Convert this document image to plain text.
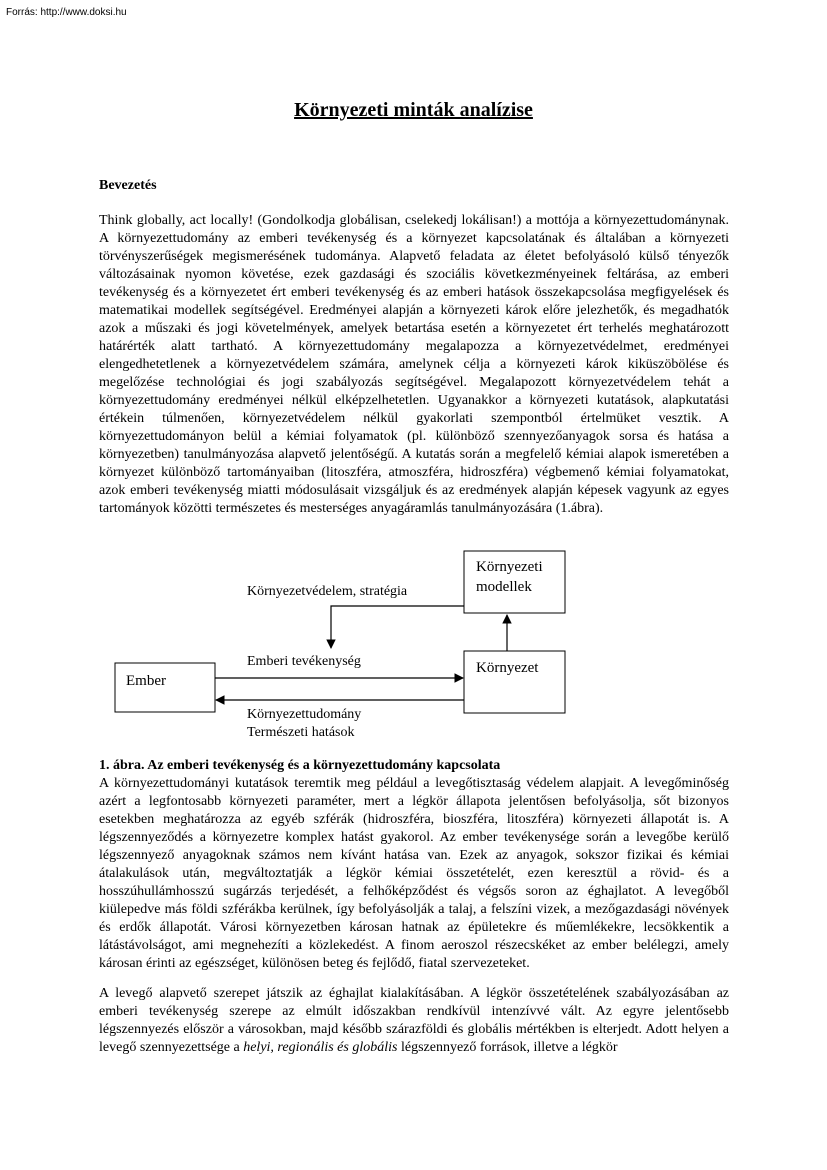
Forrás: http://www.doksi.hu
Környezeti minták analízise
Bevezetés

Think globally, act locally! (Gondolkodja globálisan, cselekedj lokálisan!) a mottója a környezettudománynak. A környezettudomány az emberi tevékenység és a környezet kapcsolatának és általában a környezeti törvényszerűségek megismerésének tudománya. Alapvető feladata az életet befolyásoló külső tényezők változásainak nyomon követése, ezek gazdasági és szociális következményeinek feltárása, az emberi tevékenység és a környezetet ért emberi tevékenység és az emberi hatások összekapcsolása megfigyelések és matematikai modellek segítségével. Eredményei alapján a környezeti károk előre jelezhetők, és megadhatók azok a műszaki és jogi követelmények, amelyek betartása esetén a környezetet ért terhelés meghatározott határérték alatt tartható. A környezettudomány megalapozza a környezetvédelmet, eredményei elengedhetetlenek a környezetvédelem számára, amelynek célja a környezeti károk kiküszöbölése és megelőzése technológiai és jogi szabályozás segítségével. Megalapozott környezetvédelem tehát a környezettudomány eredményei nélkül elképzelhetetlen. Ugyanakkor a környezeti kutatások, alapkutatási értékein túlmenően, környezetvédelem nélkül gyakorlati szempontból értelmüket vesztik. A környezettudományon belül a kémiai folyamatok (pl. különböző szennyezőanyagok sorsa és hatása a környezetben) tanulmányozása alapvető jelentőségű. A kutatás során a megfelelő kémiai alapok ismeretében a környezet különböző tartományaiban (litoszféra, atmoszféra, hidroszféra) végbemenő kémiai folyamatokat, azok emberi tevékenység miatti módosulásait vizsgáljuk és az eredmények alapján képesek vagyunk az egyes tartományok közötti természetes és mesterséges anyagáramlás tanulmányozására (1.ábra).

Környezeti
modellek
Környezet
Ember
Környezetvédelem, stratégia
Emberi tevékenység
Környezettudomány
Természeti hatások
1. ábra. Az emberi tevékenység és a környezettudomány kapcsolata

A környezettudományi kutatások teremtik meg például a levegőtisztaság védelem alapjait. A levegőminőség azért a legfontosabb környezeti paraméter, mert a légkör állapota jelentősen befolyásolja, sőt bizonyos esetekben meghatározza az egyéb szférák (hidroszféra, bioszféra, litoszféra) környezeti állapotát is. A légszennyeződés a környezetre komplex hatást gyakorol. Az ember tevékenysége során a levegőbe kerülő légszennyező anyagoknak számos nem kívánt hatása van. Ezek az anyagok, sokszor fizikai és kémiai átalakulások után, megváltoztatják a légkör kémiai összetételét, ezen keresztül a rövid- és a hosszúhullámhosszú sugárzás terjedését, a felhőképződést és végsős soron az éghajlatot. A levegőből kiülepedve más földi szférákba kerülnek, így befolyásolják a talaj, a felszíni vizek, a mezőgazdasági növények és erdők állapotát. Városi környezetben károsan hatnak az épületekre és műemlékekre, lecsökkentik a látástávolságot, ami megnehezíti a közlekedést. A finom aeroszol részecskéket az ember belélegzi, amely károsan érinti az egészséget, különösen beteg és fejlődő, fiatal szervezeteket.

A levegő alapvető szerepet játszik az éghajlat kialakításában. A légkör összetételének szabályozásában az emberi tevékenység szerepe az elmúlt időszakban rendkívül intenzívvé vált. Az egyre jelentősebb légszennyezés először a városokban, majd később szárazföldi és globális mértékben is elterjedt. Adott helyen a levegő szennyezettsége a helyi, regionális és globális légszennyező források, illetve a légkör
